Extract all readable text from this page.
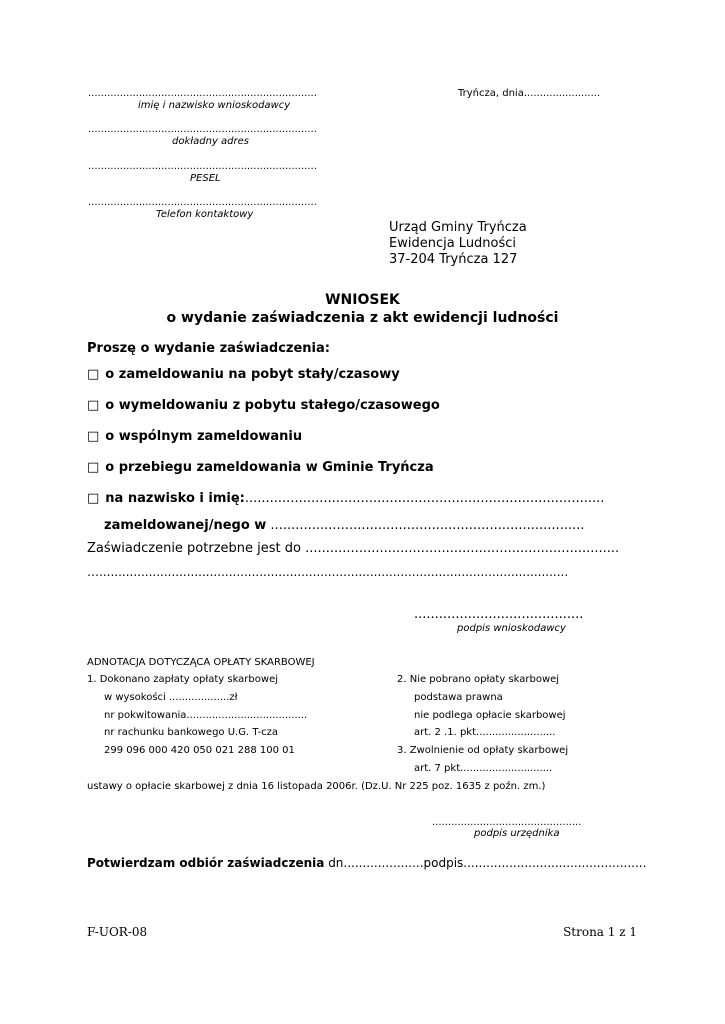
........................................................................
imię i nazwisko wnioskodawcy
........................................................................
dokładny adres
........................................................................
PESEL
........................................................................
Telefon kontaktowy
Tryńcza, dnia........................
Urząd Gminy Tryńcza
Ewidencja Ludności
37-204 Tryńcza 127
WNIOSEK
o wydanie zaświadczenia z akt ewidencji ludności
Proszę o wydanie zaświadczenia:
□ o zameldowaniu na pobyt stały/czasowy
□ o wymeldowaniu z pobytu stałego/czasowego
□ o wspólnym zameldowaniu
□ o przebiegu zameldowania w Gminie Tryńcza
□ na nazwisko i imię:.......................................................................................
zameldowanej/nego w ............................................................................
Zaświadczenie potrzebne jest do ............................................................................
…...........................................................................................................................
.........................................
podpis wnioskodawcy
ADNOTACJA DOTYCZĄCA OPŁATY SKARBOWEJ
1. Dokonano zapłaty opłaty skarbowej
w wysokości ...................zł
nr pokwitowania......................................
nr rachunku bankowego U.G. T-cza
299 096 000 420 050 021 288 100 01
2. Nie pobrano opłaty skarbowej
podstawa prawna
nie podlega opłacie skarbowej
art. 2 .1. pkt.........................
3. Zwolnienie od opłaty skarbowej
art. 7 pkt.............................
ustawy o opłacie skarbowej z dnia 16 listopada 2006r. (Dz.U. Nr 225 poz. 1635 z poźn. zm.)
...............................................
podpis urzędnika
Potwierdzam odbiór zaświadczenia dn.....................podpis................................................
F-UOR-08	Strona 1 z 1
